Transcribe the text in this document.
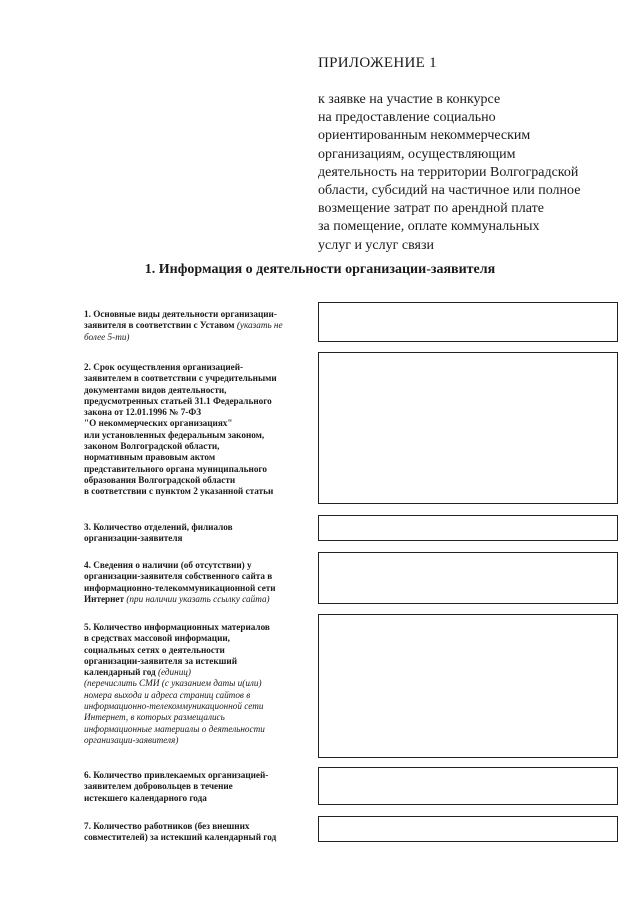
ПРИЛОЖЕНИЕ 1
к заявке на участие в конкурсе
на предоставление социально
ориентированным некоммерческим
организациям, осуществляющим
деятельность на территории Волгоградской
области, субсидий на частичное или полное
возмещение затрат по арендной плате
за помещение, оплате коммунальных
услуг и услуг связи
1. Информация о деятельности организации-заявителя
1. Основные виды деятельности организации-
заявителя в соответствии с Уставом (указать не
более 5-ти)
2. Срок осуществления организацией-
заявителем в соответствии с учредительными
документами видов деятельности,
предусмотренных статьей 31.1 Федерального
закона от 12.01.1996 № 7-ФЗ
"О некоммерческих организациях"
или установленных федеральным законом,
законом Волгоградской области,
нормативным правовым актом
представительного органа муниципального
образования Волгоградской области
в соответствии с пунктом 2 указанной статьи
3. Количество отделений, филиалов
организации-заявителя
4. Сведения о наличии (об отсутствии) у
организации-заявителя собственного сайта в
информационно-телекоммуникационной сети
Интернет (при наличии указать ссылку сайта)
5. Количество информационных материалов
в средствах массовой информации,
социальных сетях о деятельности
организации-заявителя за истекший
календарный год (единиц)
(перечислить СМИ (с указанием даты и(или)
номера выхода и адреса страниц сайтов в
информационно-телекоммуникационной сети
Интернет, в которых размещались
информационные материалы о деятельности
организации-заявителя)
6. Количество привлекаемых организацией-
заявителем добровольцев в течение
истекшего календарного года
7. Количество работников (без внешних
совместителей) за истекший календарный год
